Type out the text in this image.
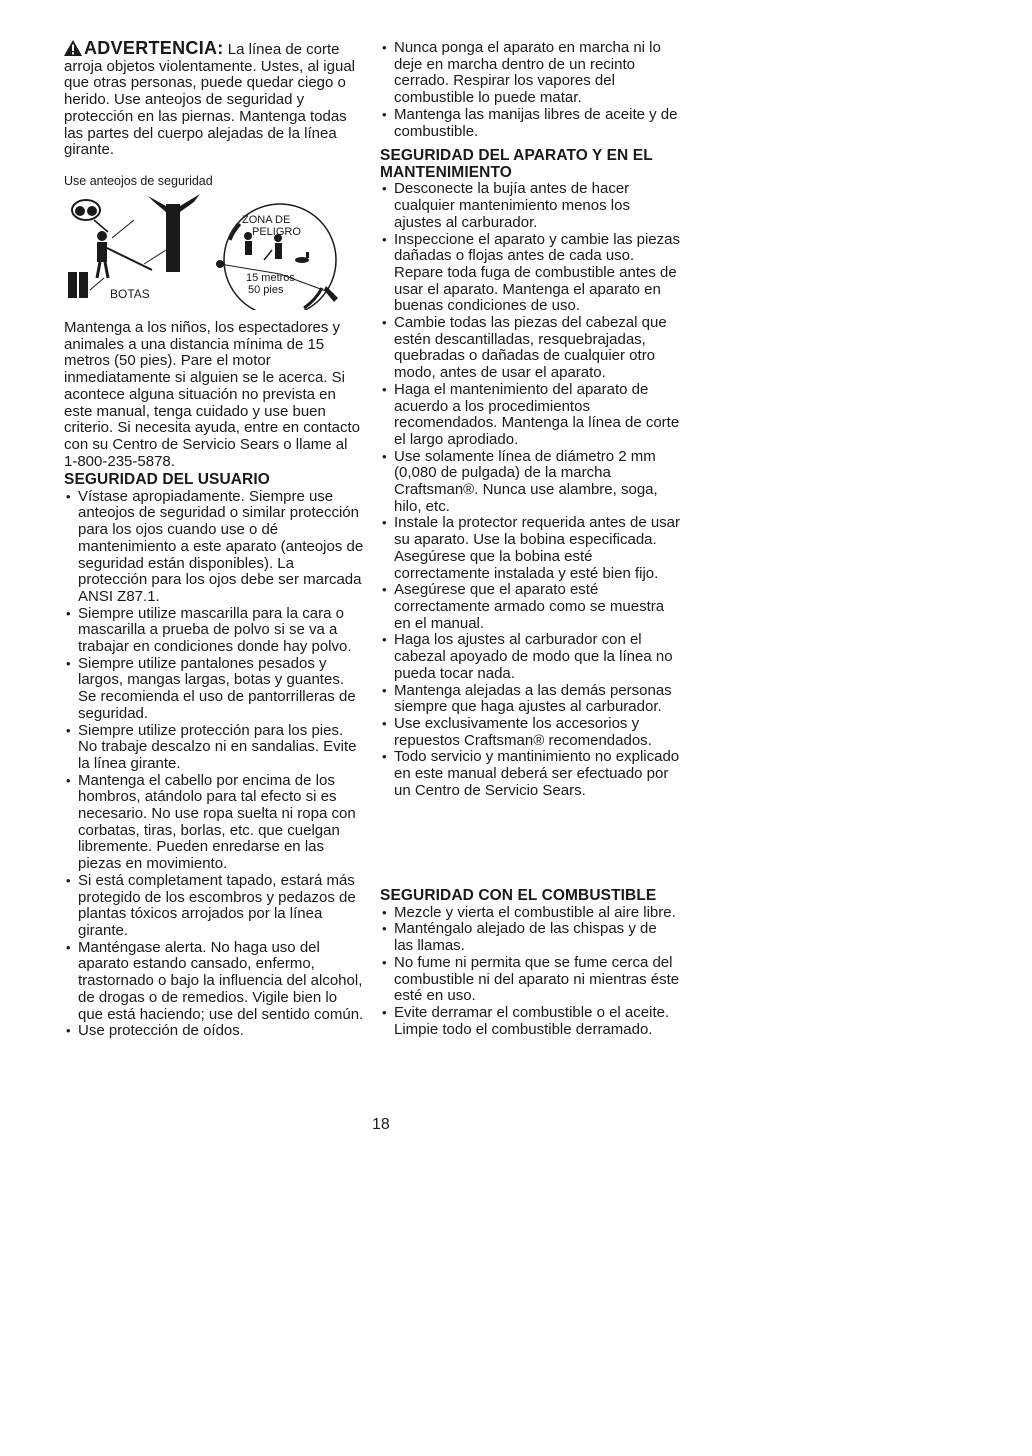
ADVERTENCIA: La línea de corte arroja objetos violentamente. Ustes, al igual que otras personas, puede quedar ciego o herido. Use anteojos de seguridad y protección en las piernas. Mantenga todas las partes del cuerpo alejadas de la línea girante.

Use anteojos de seguridad
ZONA DE
PELIGRO
15 metros
50 pies
BOTAS

Mantenga a los niños, los espectadores y animales a una distancia mínima de 15 metros (50 pies). Pare el motor inmediatamente si alguien se le acerca. Si acontece alguna situación no prevista en este manual, tenga cuidado y use buen criterio. Si necesita ayuda, entre en contacto con su Centro de Servicio Sears o llame al 1-800-235-5878.

SEGURIDAD DEL USUARIO

• Vístase apropiadamente. Siempre use anteojos de seguridad o similar protección para los ojos cuando use o dé mantenimiento a este aparato (anteojos de seguridad están disponibles). La protección para los ojos debe ser marcada ANSI Z87.1.
• Siempre utilize mascarilla para la cara o mascarilla a prueba de polvo si se va a trabajar en condiciones donde hay polvo.
• Siempre utilize pantalones pesados y largos, mangas largas, botas y guantes. Se recomienda el uso de pantorrilleras de seguridad.
• Siempre utilize protección para los pies. No trabaje descalzo ni en sandalias. Evite la línea girante.
• Mantenga el cabello por encima de los hombros, atándolo para tal efecto si es necesario. No use ropa suelta ni ropa con corbatas, tiras, borlas, etc. que cuelgan libremente. Pueden enredarse en las piezas en movimiento.
• Si está completament tapado, estará más protegido de los escombros y pedazos de plantas tóxicos arrojados por la línea girante.
• Manténgase alerta. No haga uso del aparato estando cansado, enfermo, trastornado o bajo la influencia del alcohol, de drogas o de remedios. Vigile bien lo que está haciendo; use del sentido común.
• Use protección de oídos.
• Nunca ponga el aparato en marcha ni lo deje en marcha dentro de un recinto cerrado. Respirar los vapores del combustible lo puede matar.
• Mantenga las manijas libres de aceite y de combustible.

SEGURIDAD DEL APARATO Y EN EL MANTENIMIENTO

• Desconecte la bujía antes de hacer cualquier mantenimiento menos los ajustes al carburador.
• Inspeccione el aparato y cambie las piezas dañadas o flojas antes de cada uso. Repare toda fuga de combustible antes de usar el aparato. Mantenga el aparato en buenas condiciones de uso.
• Cambie todas las piezas del cabezal que estén descantilladas, resquebrajadas, quebradas o dañadas de cualquier otro modo, antes de usar el aparato.
• Haga el mantenimiento del aparato de acuerdo a los procedimientos recomendados. Mantenga la línea de corte el largo aprodiado.
• Use solamente línea de diámetro 2 mm (0,080 de pulgada) de la marcha Craftsman®. Nunca use alambre, soga, hilo, etc.
• Instale la protector requerida antes de usar su aparato. Use la bobina especificada. Asegúrese que la bobina esté correctamente instalada y esté bien fijo.
• Asegúrese que el aparato esté correctamente armado como se muestra en el manual.
• Haga los ajustes al carburador con el cabezal apoyado de modo que la línea no pueda tocar nada.
• Mantenga alejadas a las demás personas siempre que haga ajustes al carburador.
• Use exclusivamente los accesorios y repuestos Craftsman® recomendados.
• Todo servicio y mantinimiento no explicado en este manual deberá ser efectuado por un Centro de Servicio Sears.

SEGURIDAD CON EL COMBUSTIBLE

• Mezcle y vierta el combustible al aire libre.
• Manténgalo alejado de las chispas y de las llamas.
• No fume ni permita que se fume cerca del combustible ni del aparato ni mientras éste esté en uso.
• Evite derramar el combustible o el aceite. Limpie todo el combustible derramado.
18
